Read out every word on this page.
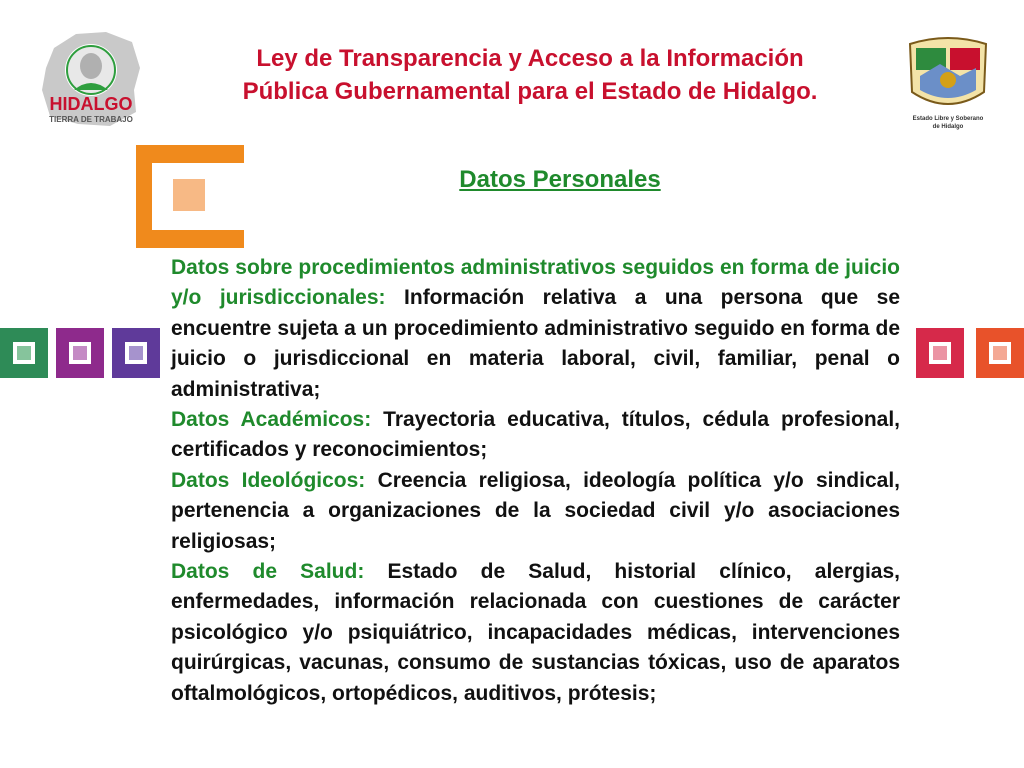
HIDALGO
TIERRA DE TRABAJO
Ley de Transparencia y Acceso a la Información
Pública Gubernamental para el Estado de Hidalgo.
Estado Libre y Soberano
de Hidalgo
Datos Personales

Datos sobre procedimientos administrativos seguidos en forma de juicio y/o jurisdiccionales: Información relativa a una persona que se encuentre sujeta a un procedimiento administrativo seguido en forma de juicio o jurisdiccional en materia laboral, civil, familiar, penal o administrativa;

Datos Académicos: Trayectoria educativa, títulos, cédula profesional, certificados y reconocimientos;

Datos Ideológicos: Creencia religiosa, ideología política y/o sindical, pertenencia a organizaciones de la sociedad civil y/o asociaciones religiosas;

Datos de Salud: Estado de Salud, historial clínico, alergias, enfermedades, información relacionada con cuestiones de carácter psicológico y/o psiquiátrico, incapacidades médicas, intervenciones quirúrgicas, vacunas, consumo de sustancias tóxicas, uso de aparatos oftalmológicos, ortopédicos, auditivos, prótesis;
